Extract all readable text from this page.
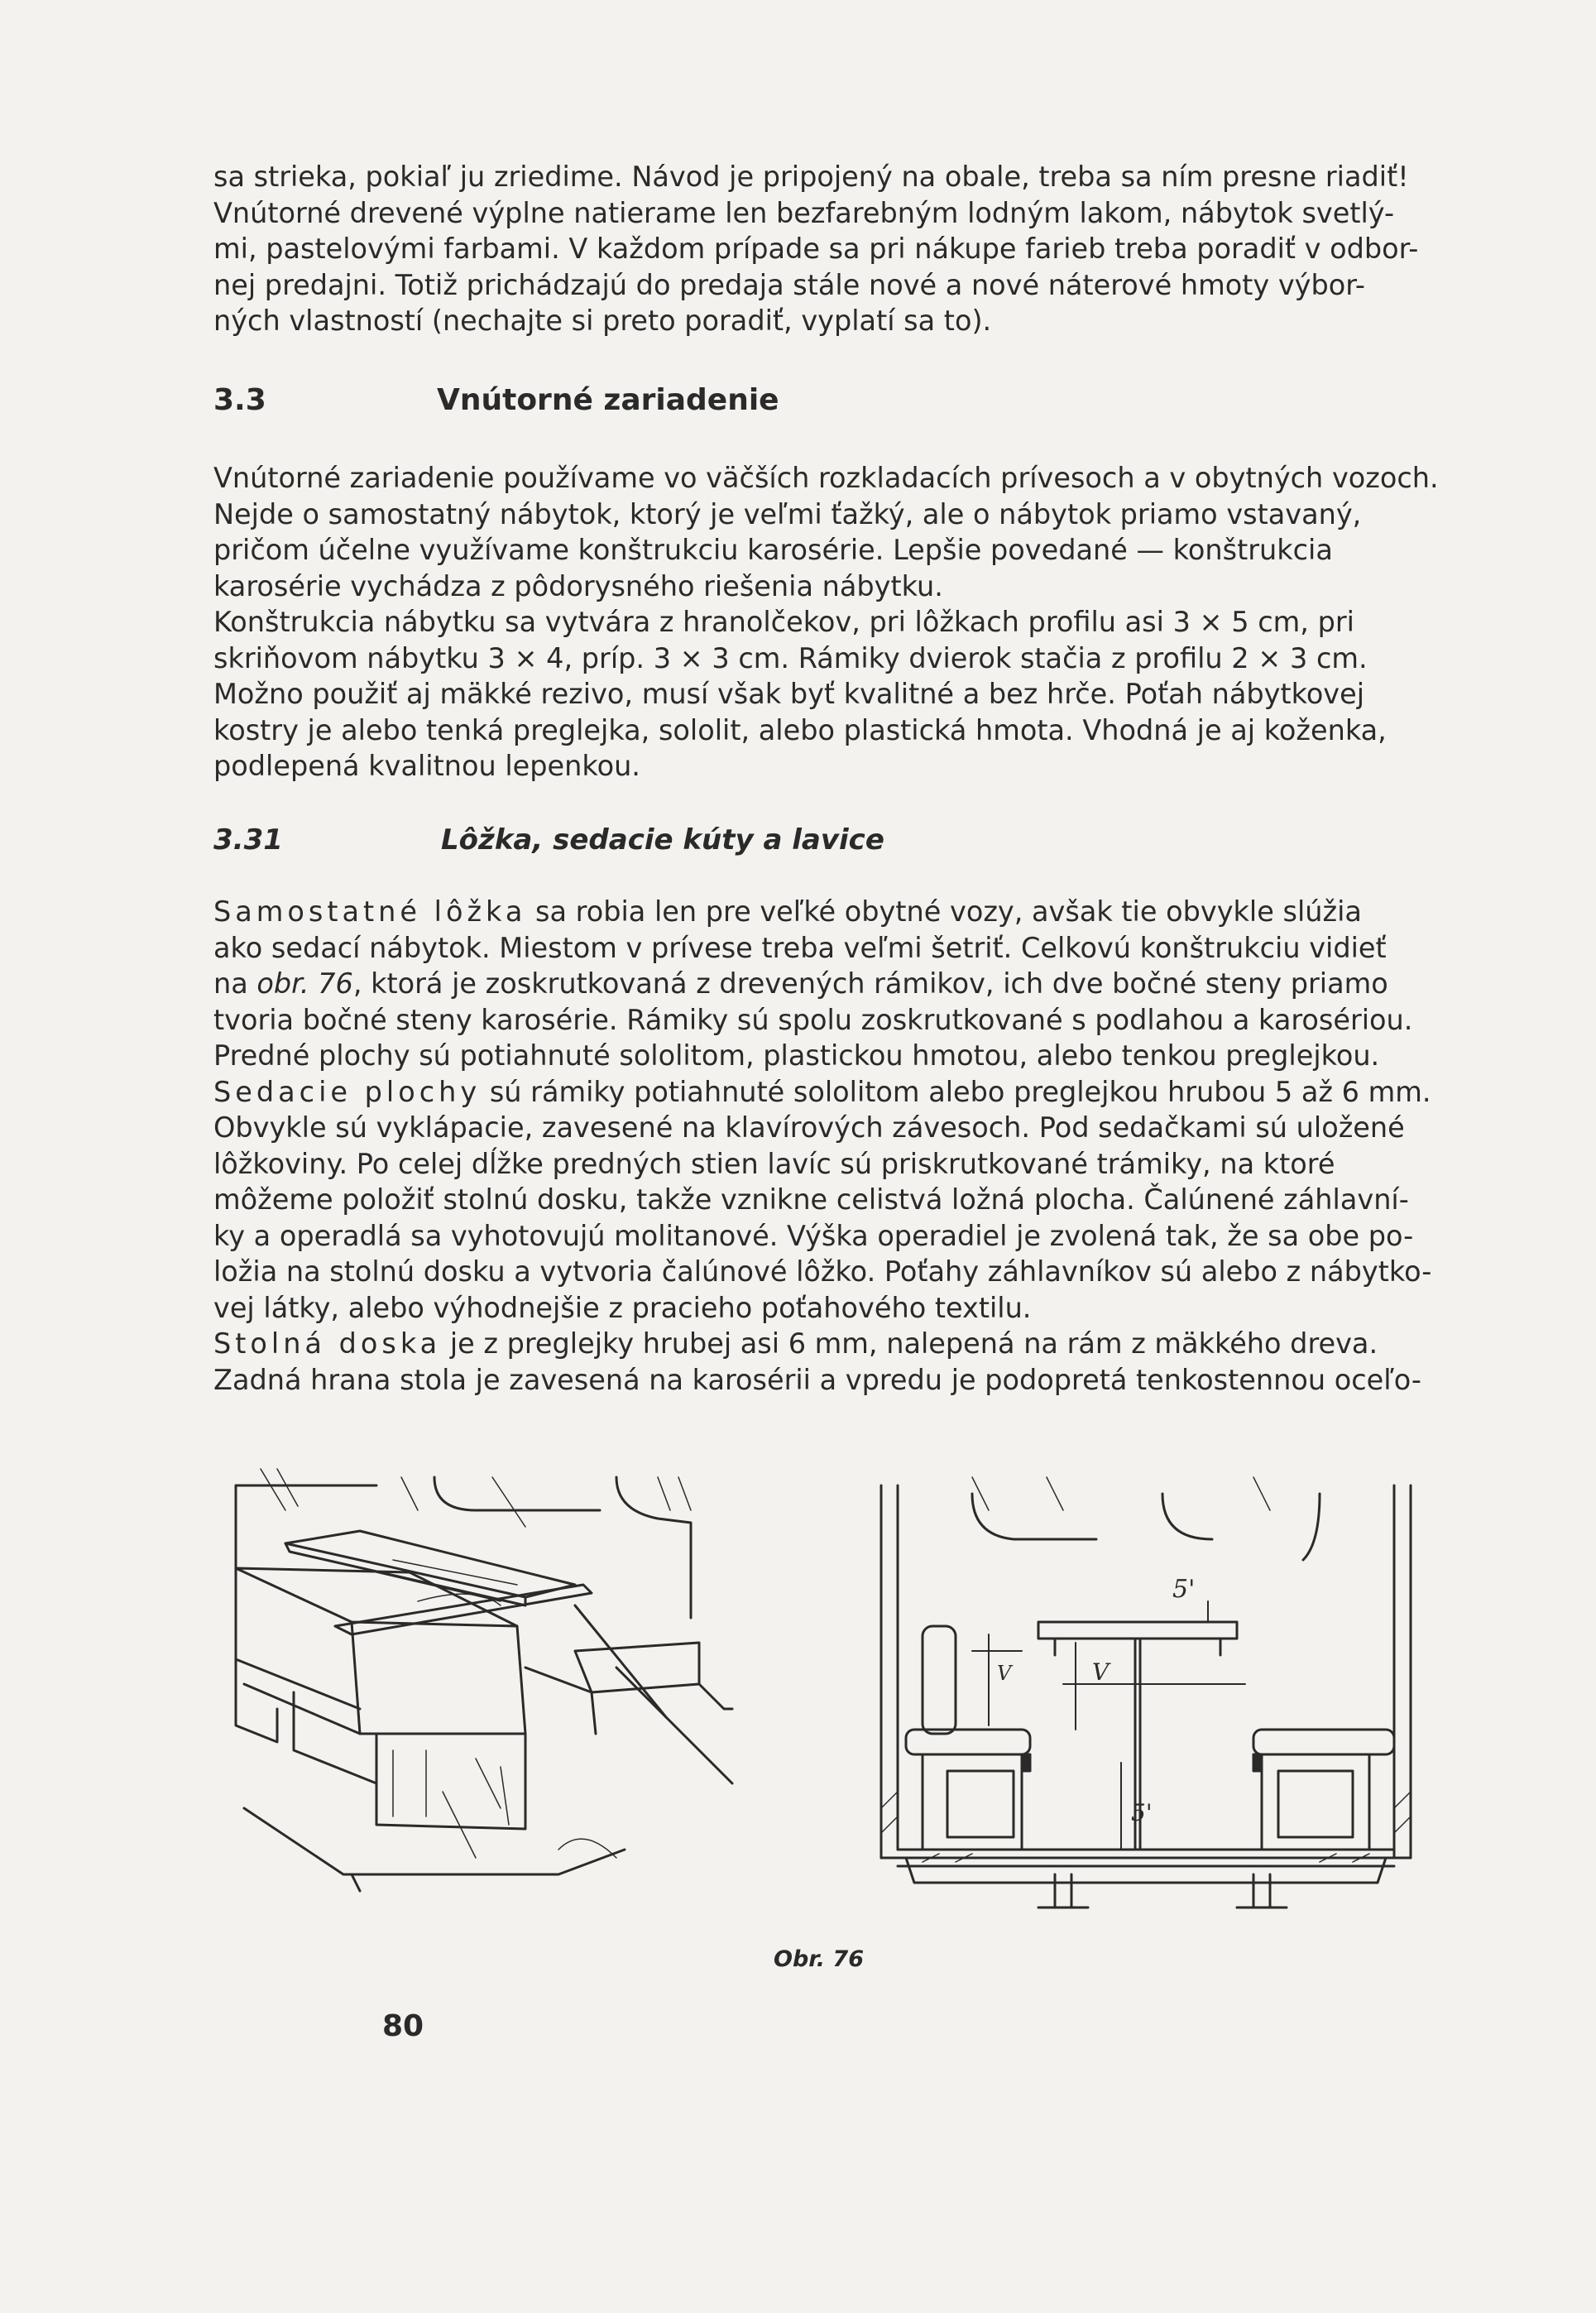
sa strieka, pokiaľ ju zriedime. Návod je pripojený na obale, treba sa ním presne riadiť!
Vnútorné drevené výplne natierame len bezfarebným lodným lakom, nábytok svetlý-
mi, pastelovými farbami. V každom prípade sa pri nákupe farieb treba poradiť v odbor-
nej predajni. Totiž prichádzajú do predaja stále nové a nové náterové hmoty výbor-
ných vlastností (nechajte si preto poradiť, vyplatí sa to).
3.3	Vnútorné zariadenie
Vnútorné zariadenie používame vo väčších rozkladacích prívesoch a v obytných vozoch.
Nejde o samostatný nábytok, ktorý je veľmi ťažký, ale o nábytok priamo vstavaný,
pričom účelne využívame konštrukciu karosérie. Lepšie povedané — konštrukcia
karosérie vychádza z pôdorysného riešenia nábytku.
Konštrukcia nábytku sa vytvára z hranolčekov, pri lôžkach profilu asi 3 × 5 cm, pri
skriňovom nábytku 3 × 4, príp. 3 × 3 cm. Rámiky dvierok stačia z profilu 2 × 3 cm.
Možno použiť aj mäkké rezivo, musí však byť kvalitné a bez hrče. Poťah nábytkovej
kostry je alebo tenká preglejka, sololit, alebo plastická hmota. Vhodná je aj koženka,
podlepená kvalitnou lepenkou.
3.31	Lôžka, sedacie kúty a lavice
Samostatné lôžka sa robia len pre veľké obytné vozy, avšak tie obvykle slúžia
ako sedací nábytok. Miestom v prívese treba veľmi šetriť. Celkovú konštrukciu vidieť
na obr. 76, ktorá je zoskrutkovaná z drevených rámikov, ich dve bočné steny priamo
tvoria bočné steny karosérie. Rámiky sú spolu zoskrutkované s podlahou a karosériou.
Predné plochy sú potiahnuté sololitom, plastickou hmotou, alebo tenkou preglejkou.
Sedacie plochy sú rámiky potiahnuté sololitom alebo preglejkou hrubou 5 až 6 mm.
Obvykle sú vyklápacie, zavesené na klavírových závesoch. Pod sedačkami sú uložené
lôžkoviny. Po celej dĺžke predných stien lavíc sú priskrutkované trámiky, na ktoré
môžeme položiť stolnú dosku, takže vznikne celistvá ložná plocha. Čalúnené záhlavní-
ky a operadlá sa vyhotovujú molitanové. Výška operadiel je zvolená tak, že sa obe po-
ložia na stolnú dosku a vytvoria čalúnové lôžko. Poťahy záhlavníkov sú alebo z nábytko-
vej látky, alebo výhodnejšie z pracieho poťahového textilu.
Stolná doska je z preglejky hrubej asi 6 mm, nalepená na rám z mäkkého dreva.
Zadná hrana stola je zavesená na karosérii a vpredu je podopretá tenkostennou oceľo-
5'
V
V
5'
Obr. 76
80
